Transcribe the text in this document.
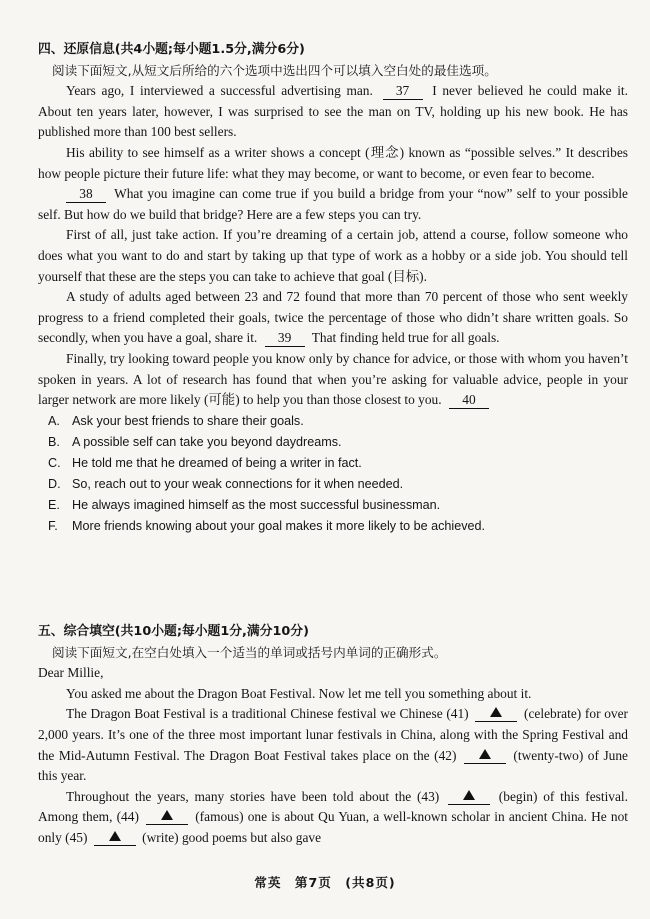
四、还原信息(共4小题;每小题1.5分,满分6分)

阅读下面短文,从短文后所给的六个选项中选出四个可以填入空白处的最佳选项。

Years ago, I interviewed a successful advertising man. 37 I never believed he could make it. About ten years later, however, I was surprised to see the man on TV, holding up his new book. He has published more than 100 best sellers.

His ability to see himself as a writer shows a concept (理念) known as “possible selves.” It describes how people picture their future life: what they may become, or want to become, or even fear to become.

38 What you imagine can come true if you build a bridge from your “now” self to your possible self. But how do we build that bridge? Here are a few steps you can try.

First of all, just take action. If you’re dreaming of a certain job, attend a course, follow someone who does what you want to do and start by taking up that type of work as a hobby or a side job. You should tell yourself that these are the steps you can take to achieve that goal (目标).

A study of adults aged between 23 and 72 found that more than 70 percent of those who sent weekly progress to a friend completed their goals, twice the percentage of those who didn’t share written goals. So secondly, when you have a goal, share it. 39 That finding held true for all goals.

Finally, try looking toward people you know only by chance for advice, or those with whom you haven’t spoken in years. A lot of research has found that when you’re asking for valuable advice, people in your larger network are more likely (可能) to help you than those closest to you. 40

A. Ask your best friends to share their goals.

B. A possible self can take you beyond daydreams.

C. He told me that he dreamed of being a writer in fact.

D. So, reach out to your weak connections for it when needed.

E. He always imagined himself as the most successful businessman.

F. More friends knowing about your goal makes it more likely to be achieved.

五、综合填空(共10小题;每小题1分,满分10分)

阅读下面短文,在空白处填入一个适当的单词或括号内单词的正确形式。

Dear Millie,

You asked me about the Dragon Boat Festival. Now let me tell you something about it.

The Dragon Boat Festival is a traditional Chinese festival we Chinese (41)	(celebrate) for over 2,000 years. It’s one of the three most important lunar festivals in China, along with the Spring Festival and the Mid-Autumn Festival. The Dragon Boat Festival takes place on the (42)	(twenty-two) of June this year.

Throughout the years, many stories have been told about the (43)	(begin) of this festival. Among them, (44)	(famous) one is about Qu Yuan, a well-known scholar in ancient China. He not only (45)	(write) good poems but also gave

常英 第7页 (共8页)
